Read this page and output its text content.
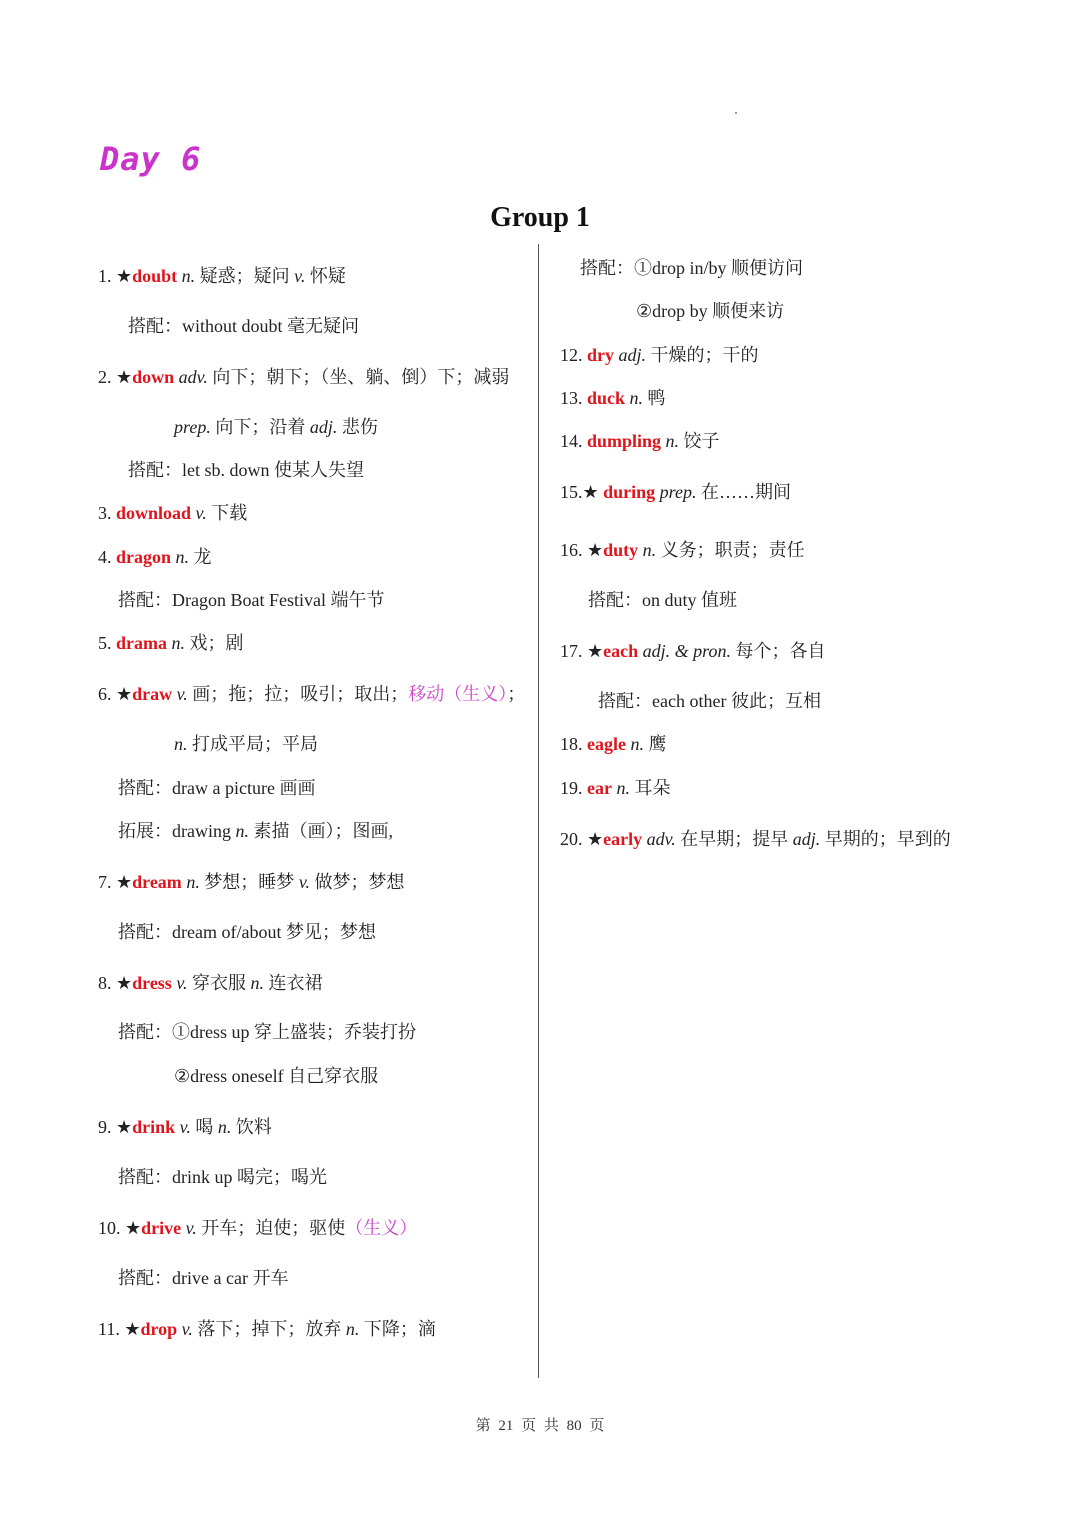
Day 6
Group 1
1. ★doubt n. 疑惑；疑问 v. 怀疑
搭配：without doubt 毫无疑问
2. ★down adv. 向下；朝下；（坐、躺、倒）下；减弱
prep. 向下；沿着 adj. 悲伤
搭配：let sb. down 使某人失望
3. download v. 下载
4. dragon n. 龙
搭配：Dragon Boat Festival 端午节
5. drama n. 戏；剧
6. ★draw v. 画；拖；拉；吸引；取出；移动（生义）；
n. 打成平局；平局
搭配：draw a picture 画画
拓展：drawing n. 素描（画）；图画,
7. ★dream n. 梦想；睡梦 v. 做梦；梦想
搭配：dream of/about 梦见；梦想
8. ★dress v. 穿衣服 n. 连衣裙
搭配：①dress up 穿上盛装；乔装打扮
②dress oneself 自己穿衣服
9. ★drink v. 喝 n. 饮料
搭配：drink up 喝完；喝光
10. ★drive v. 开车；迫使；驱使（生义）
搭配：drive a car 开车
11. ★drop v. 落下；掉下；放弃 n. 下降；滴
搭配：①drop in/by 顺便访问
②drop by 顺便来访
12. dry adj. 干燥的；干的
13. duck n. 鸭
14. dumpling n. 饺子
15.★ during prep. 在……期间
16. ★duty n. 义务；职责；责任
搭配：on duty 值班
17. ★each adj. & pron. 每个；各自
搭配：each other 彼此；互相
18. eagle n. 鹰
19. ear n. 耳朵
20. ★early adv. 在早期；提早 adj. 早期的；早到的
第 21 页 共 80 页
